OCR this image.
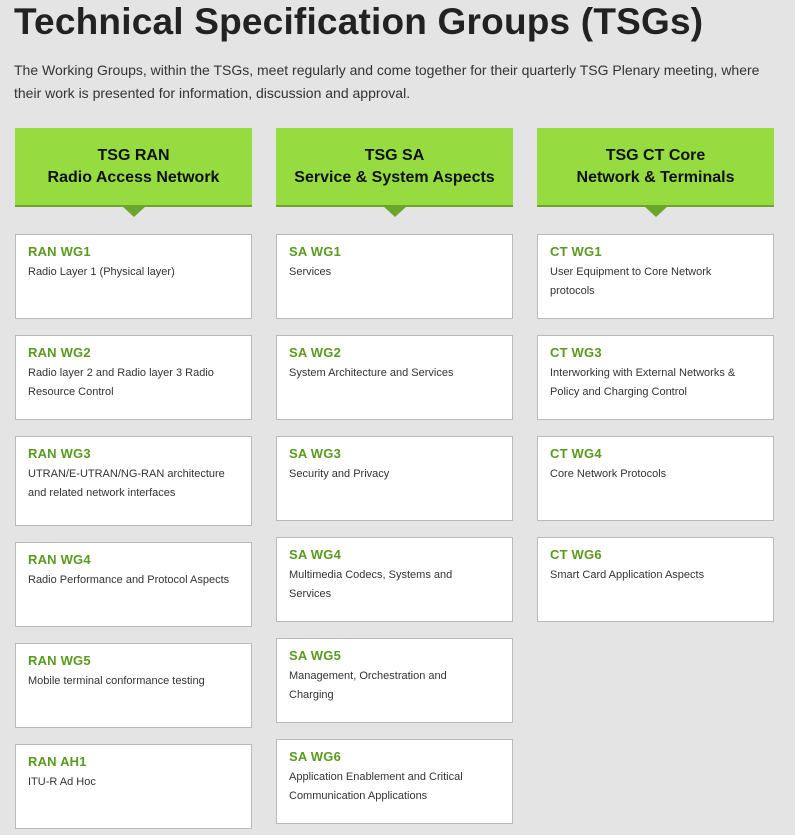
Technical Specification Groups (TSGs)
The Working Groups, within the TSGs, meet regularly and come together for their quarterly TSG Plenary meeting, where their work is presented for information, discussion and approval.
TSG RAN
Radio Access Network
RAN WG1
Radio Layer 1 (Physical layer)
RAN WG2
Radio layer 2 and Radio layer 3 Radio Resource Control
RAN WG3
UTRAN/E-UTRAN/NG-RAN architecture and related network interfaces
RAN WG4
Radio Performance and Protocol Aspects
RAN WG5
Mobile terminal conformance testing
RAN AH1
ITU-R Ad Hoc
TSG SA
Service & System Aspects
SA WG1
Services
SA WG2
System Architecture and Services
SA WG3
Security and Privacy
SA WG4
Multimedia Codecs, Systems and Services
SA WG5
Management, Orchestration and Charging
SA WG6
Application Enablement and Critical Communication Applications
TSG CT Core
Network & Terminals
CT WG1
User Equipment to Core Network protocols
CT WG3
Interworking with External Networks & Policy and Charging Control
CT WG4
Core Network Protocols
CT WG6
Smart Card Application Aspects
